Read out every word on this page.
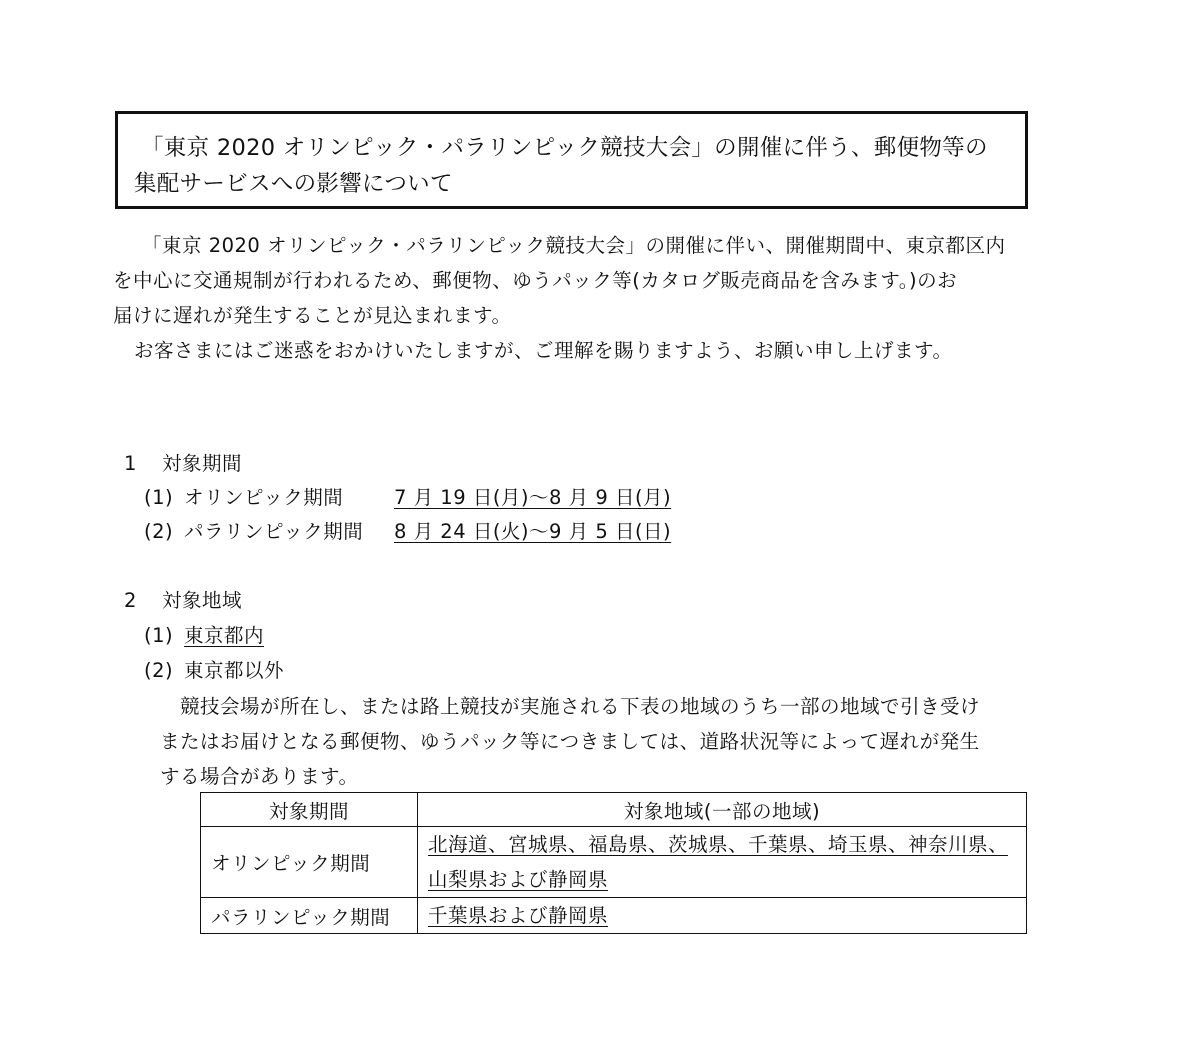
「東京 2020 オリンピック・パラリンピック競技大会」の開催に伴う、郵便物等の
集配サービスへの影響について
「東京 2020 オリンピック・パラリンピック競技大会」の開催に伴い、開催期間中、東京都区内
を中心に交通規制が行われるため、郵便物、ゆうパック等(カタログ販売商品を含みます。)のお
届けに遅れが発生することが見込まれます。
お客さまにはご迷惑をおかけいたしますが、ご理解を賜りますよう、お願い申し上げます。
1 対象期間
(1) オリンピック期間	7 月 19 日(月)～8 月 9 日(月)
(2) パラリンピック期間 8 月 24 日(火)～9 月 5 日(日)
2 対象地域
(1) 東京都内
(2) 東京都以外
競技会場が所在し、または路上競技が実施される下表の地域のうち一部の地域で引き受け
またはお届けとなる郵便物、ゆうパック等につきましては、道路状況等によって遅れが発生
する場合があります。
対象期間	対象地域(一部の地域)
オリンピック期間	北海道、宮城県、福島県、茨城県、千葉県、埼玉県、神奈川県、
山梨県および静岡県
パラリンピック期間	千葉県および静岡県
